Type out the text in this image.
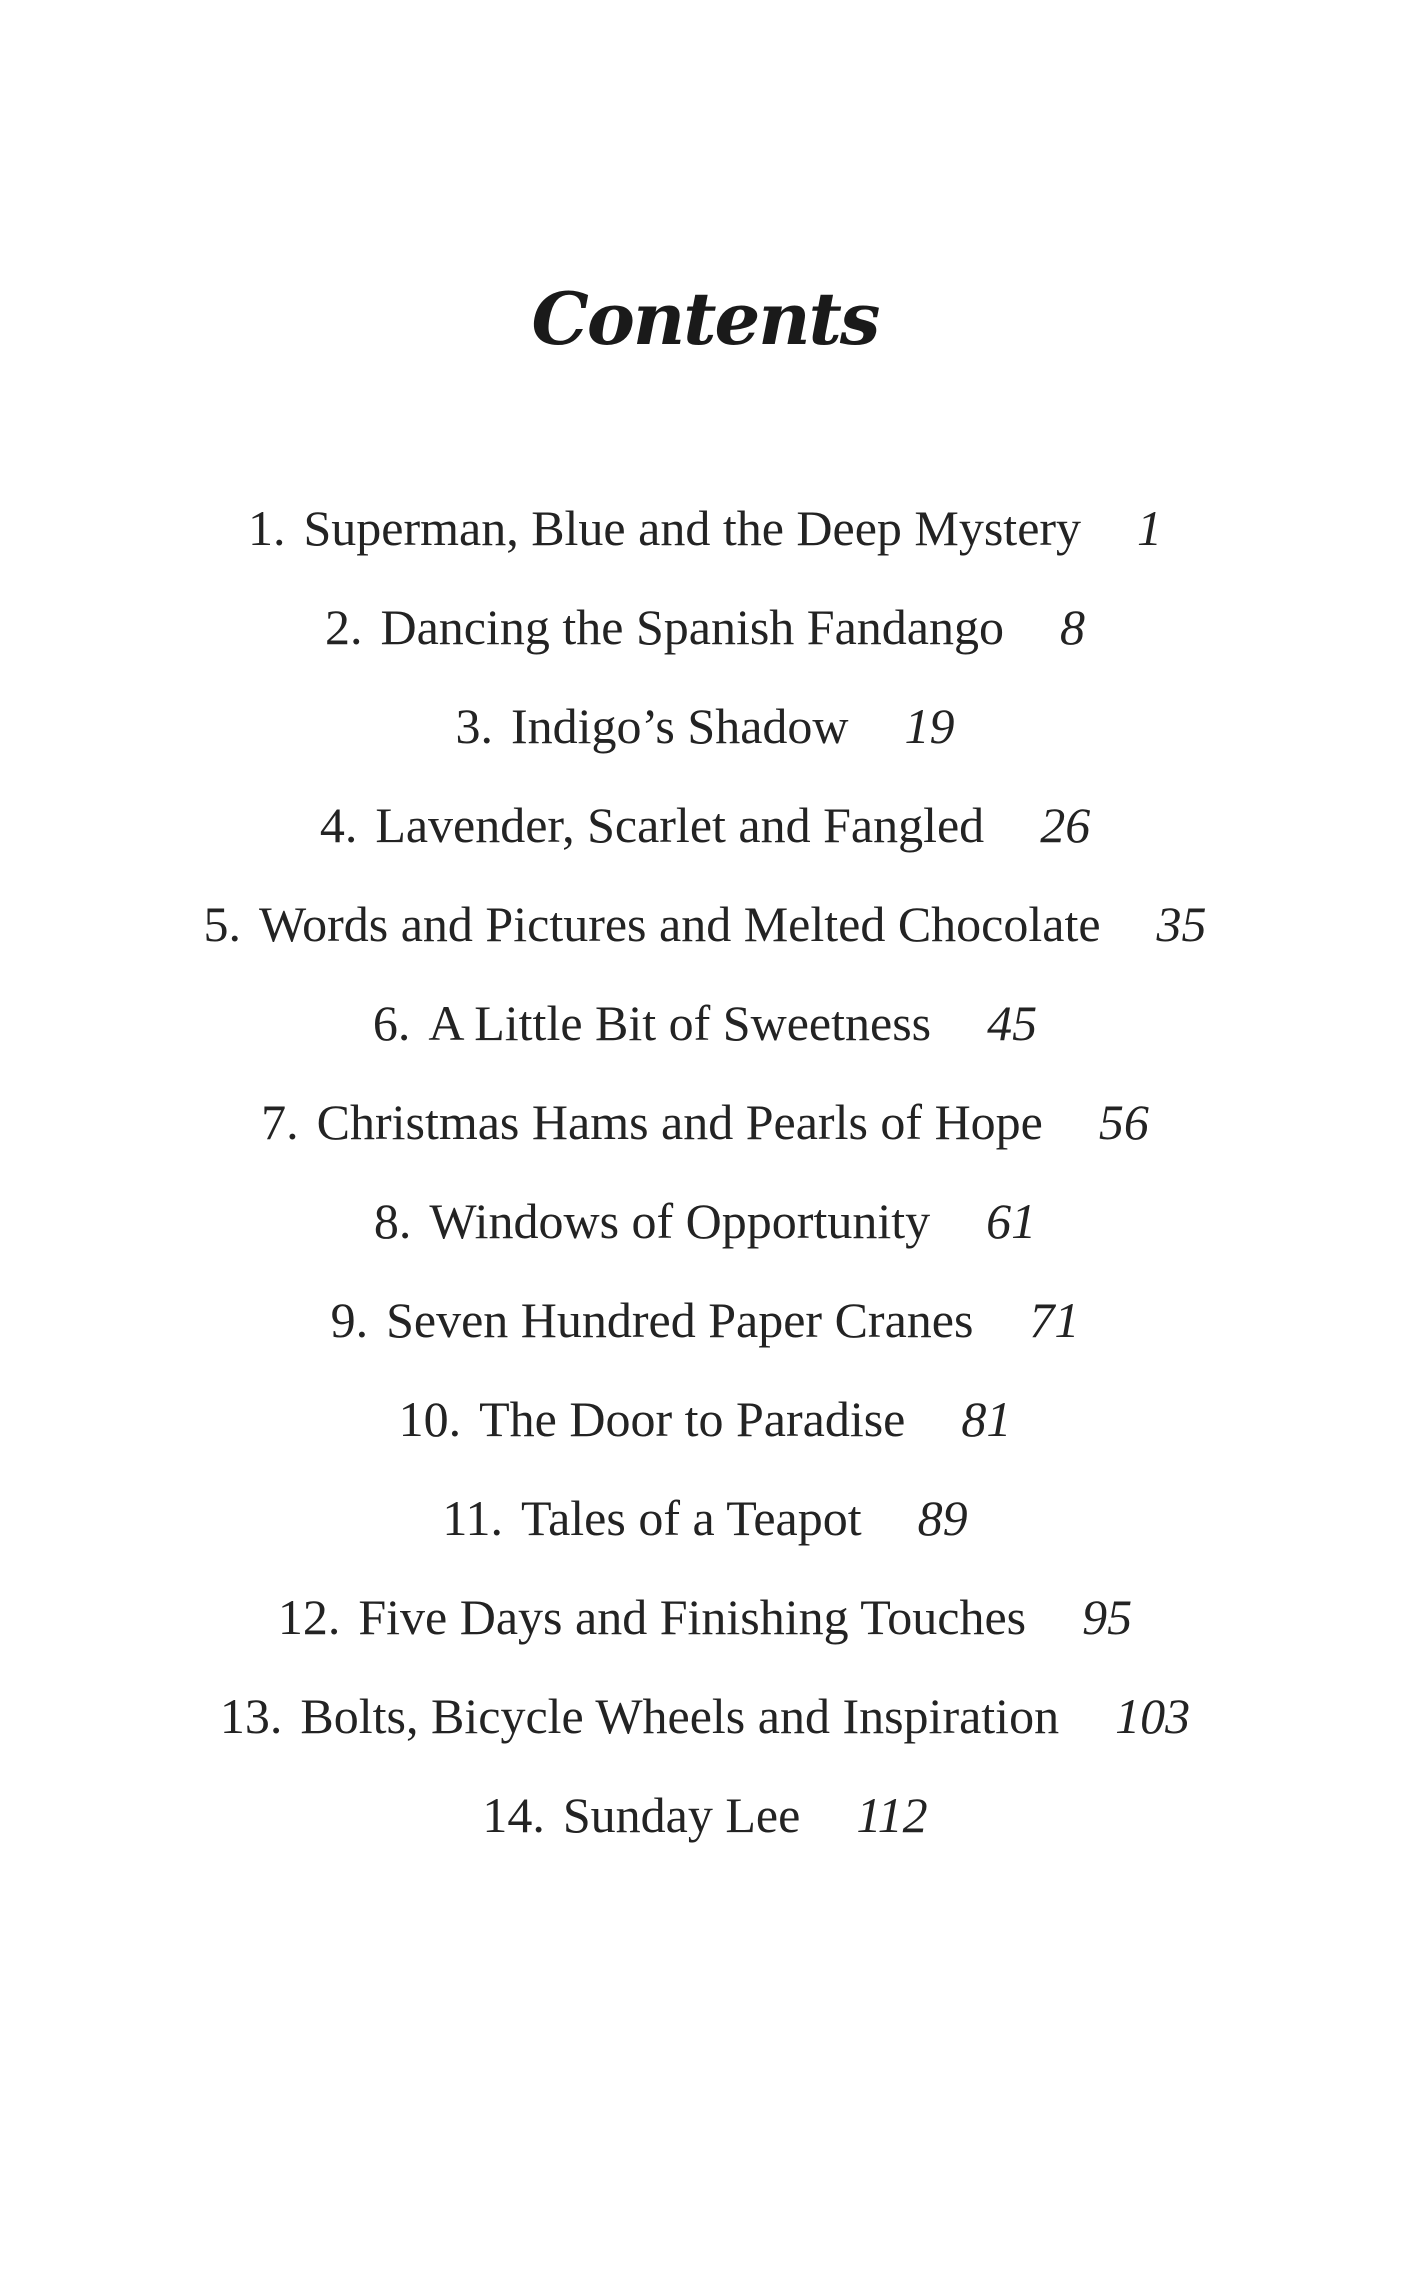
Contents
1. Superman, Blue and the Deep Mystery 1
2. Dancing the Spanish Fandango 8
3. Indigo’s Shadow 19
4. Lavender, Scarlet and Fangled 26
5. Words and Pictures and Melted Chocolate 35
6. A Little Bit of Sweetness 45
7. Christmas Hams and Pearls of Hope 56
8. Windows of Opportunity 61
9. Seven Hundred Paper Cranes 71
10. The Door to Paradise 81
11. Tales of a Teapot 89
12. Five Days and Finishing Touches 95
13. Bolts, Bicycle Wheels and Inspiration 103
14. Sunday Lee 112
